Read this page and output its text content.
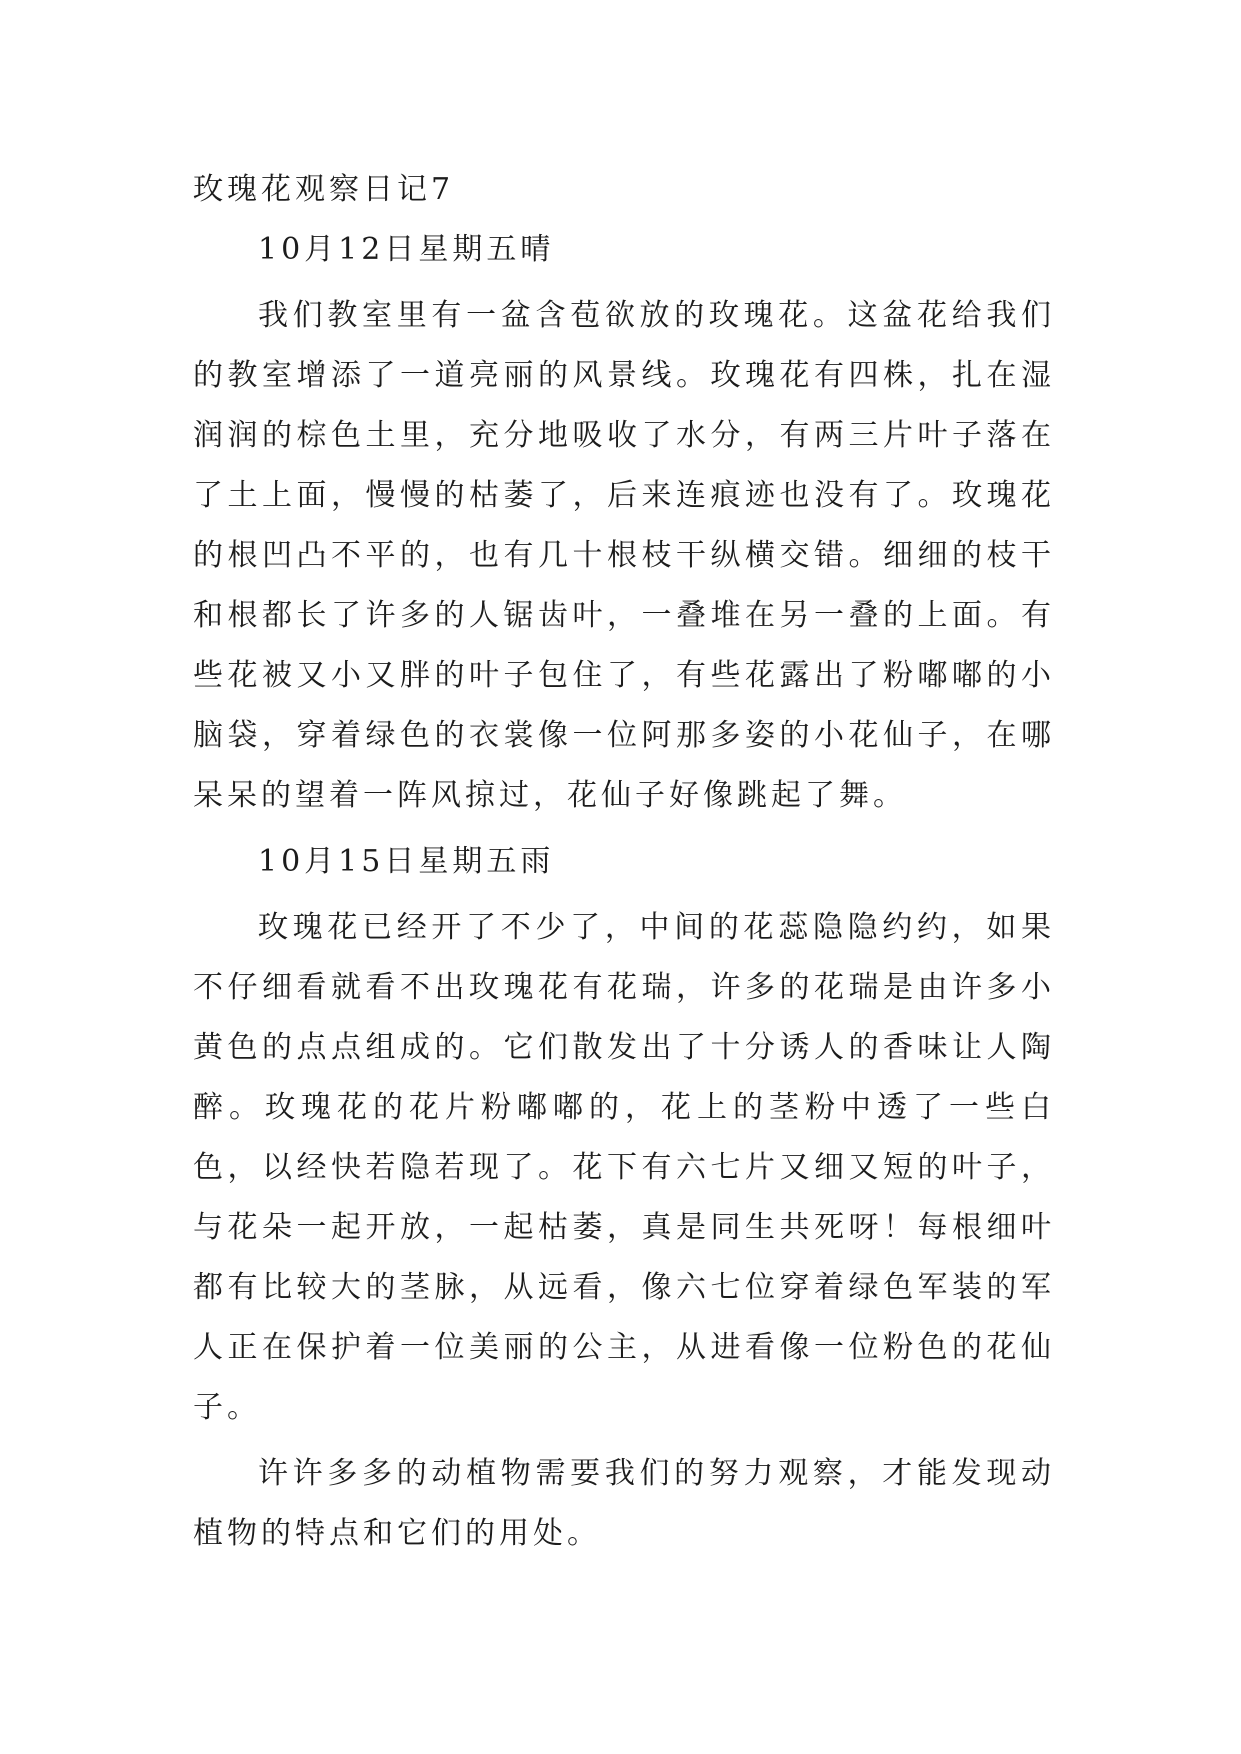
玫瑰花观察日记7

10月12日星期五晴

我们教室里有一盆含苞欲放的玫瑰花。这盆花给我们的教室增添了一道亮丽的风景线。玫瑰花有四株，扎在湿润润的棕色土里，充分地吸收了水分，有两三片叶子落在了土上面，慢慢的枯萎了，后来连痕迹也没有了。玫瑰花的根凹凸不平的，也有几十根枝干纵横交错。细细的枝干和根都长了许多的人锯齿叶，一叠堆在另一叠的上面。有些花被又小又胖的叶子包住了，有些花露出了粉嘟嘟的小脑袋，穿着绿色的衣裳像一位阿那多姿的小花仙子，在哪呆呆的望着一阵风掠过，花仙子好像跳起了舞。

10月15日星期五雨

玫瑰花已经开了不少了，中间的花蕊隐隐约约，如果不仔细看就看不出玫瑰花有花瑞，许多的花瑞是由许多小黄色的点点组成的。它们散发出了十分诱人的香味让人陶醉。玫瑰花的花片粉嘟嘟的，花上的茎粉中透了一些白色，以经快若隐若现了。花下有六七片又细又短的叶子，与花朵一起开放，一起枯萎，真是同生共死呀！每根细叶都有比较大的茎脉，从远看，像六七位穿着绿色军装的军人正在保护着一位美丽的公主，从进看像一位粉色的花仙子。

许许多多的动植物需要我们的努力观察，才能发现动植物的特点和它们的用处。
